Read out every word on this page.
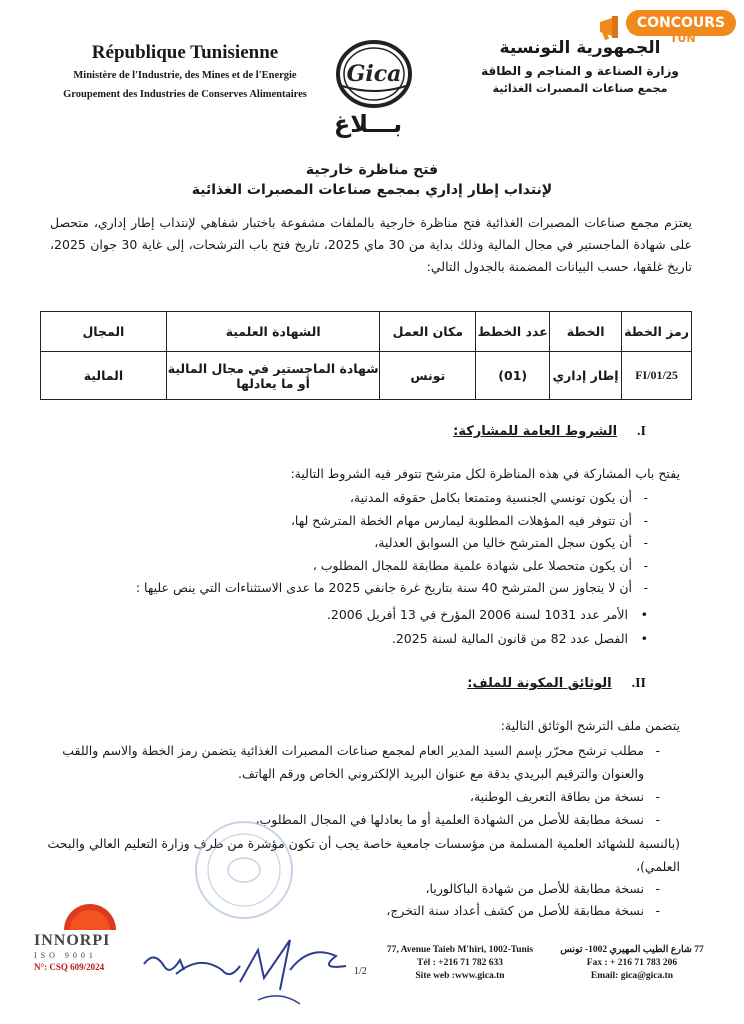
CONCOURS
TUN
République Tunisienne
Ministère de l'Industrie, des Mines et de l'Energie
Groupement des Industries de Conserves Alimentaires
Gica
الجمهورية التونسية
وزارة الصناعة و المناجم و الطاقة
مجمع صناعات المصبرات الغذائية
بـــلاغ
فتح مناظرة خارجية
لإنتداب إطار إداري بمجمع صناعات المصبرات الغذائية
يعتزم مجمع صناعات المصبرات الغذائية فتح مناظرة خارجية بالملفات مشفوعة باختبار شفاهي لإنتداب إطار إداري، متحصل على شهادة الماجستير في مجال المالية وذلك بداية من 30 ماي 2025، تاريخ فتح باب الترشحات، إلى غاية 30 جوان 2025، تاريخ غلقها، حسب البيانات المضمنة بالجدول التالي:
رمز الخطة	الخطة	عدد الخطط	مكان العمل	الشهادة العلمية	المجال
FI/01/25	إطار إداري	(01)	تونس	شهادة الماجستير في مجال المالية
أو ما يعادلها	المالية
I.الشروط العامة للمشاركة:
يفتح باب المشاركة في هذه المناظرة لكل مترشح تتوفر فيه الشروط التالية:
- أن يكون تونسي الجنسية ومتمتعا بكامل حقوقه المدنية،
- أن تتوفر فيه المؤهلات المطلوبة ليمارس مهام الخطة المترشح لها،
- أن يكون سجل المترشح خاليا من السوابق العدلية،
- أن يكون متحصلا على شهادة علمية مطابقة للمجال المطلوب ،
- أن لا يتجاوز سن المترشح 40 سنة بتاريخ غرة جانفي 2025 ما عدى الاستثناءات التي ينص عليها :
• الأمر عدد 1031 لسنة 2006 المؤرخ في 13 أفريل 2006.
• الفصل عدد 82 من قانون المالية لسنة 2025.
II.الوثائق المكونة للملف:
يتضمن ملف الترشح الوثائق التالية:
- مطلب ترشح محرّر بإسم السيد المدير العام لمجمع صناعات المصبرات الغذائية يتضمن رمز الخطة والاسم واللقب والعنوان والترقيم البريدي بدقة مع عنوان البريد الإلكتروني الخاص ورقم الهاتف.
- نسخة من بطاقة التعريف الوطنية،
- نسخة مطابقة للأصل من الشهادة العلمية أو ما يعادلها في المجال المطلوب،
(بالنسبة للشهائد العلمية المسلمة من مؤسسات جامعية خاصة يجب أن تكون مؤشرة من طرف وزارة التعليم العالي والبحث العلمي)،
- نسخة مطابقة للأصل من شهادة الباكالوريا،
- نسخة مطابقة للأصل من كشف أعداد سنة التخرج،
INNORPI
ISO 9001
N°: CSQ 609/2024	1/2
77, Avenue Taieb M'hiri, 1002-Tunis
Tél : +216 71 782 633
Site web :www.gica.tn
77 شارع الطيب المهيري 1002- تونس
Fax : + 216 71 783 206
Email: gica@gica.tn
